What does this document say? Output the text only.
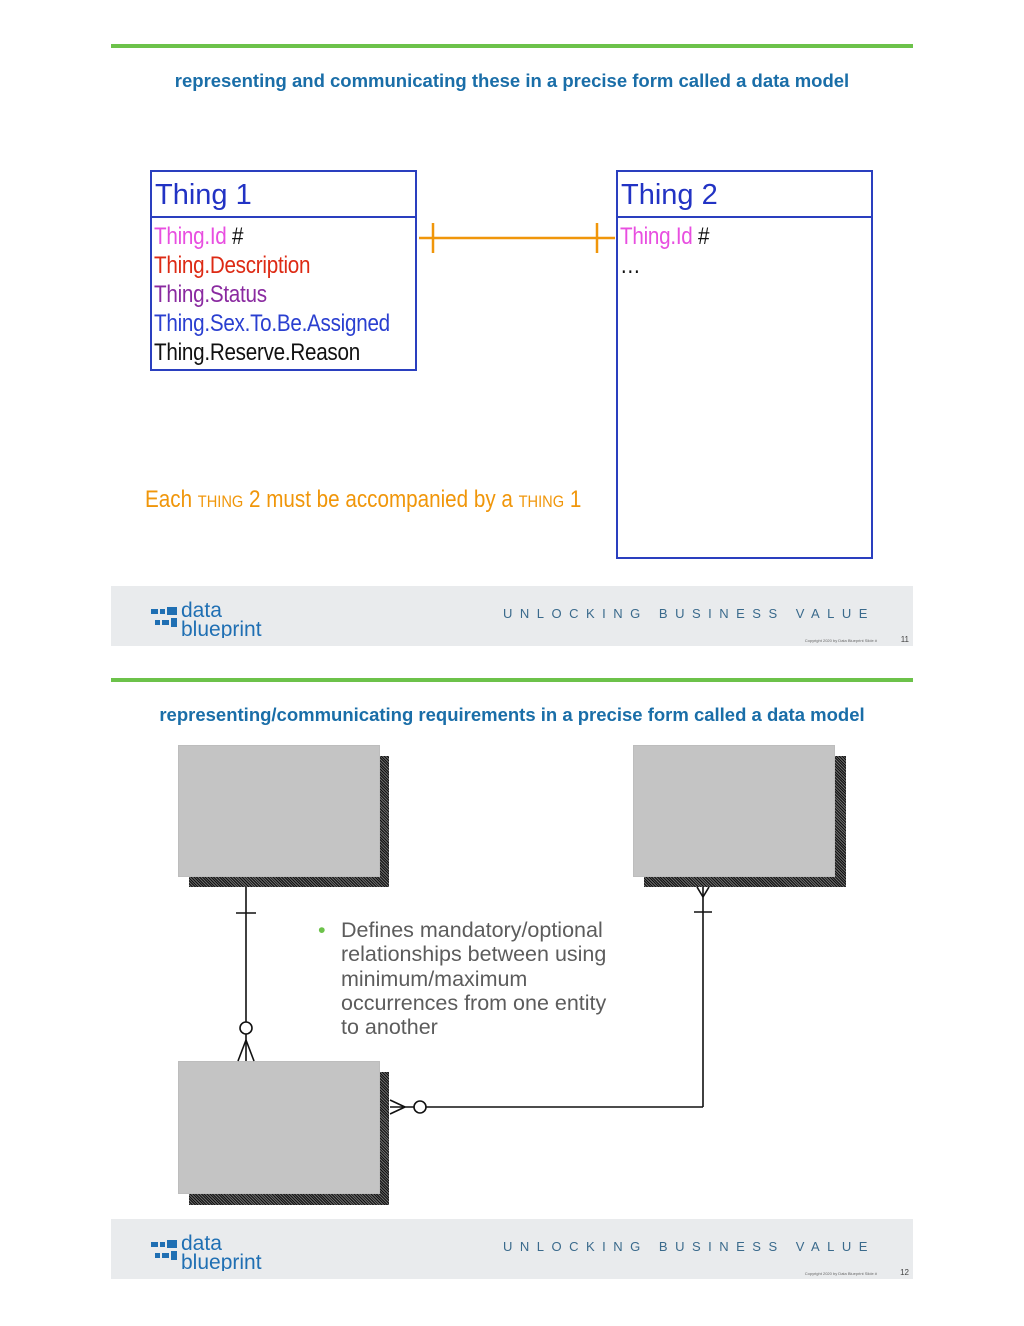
representing and communicating these in a precise form called a data model
Thing 1
Thing.Id #
Thing.Description
Thing.Status
Thing.Sex.To.Be.Assigned
Thing.Reserve.Reason
Thing 2
Thing.Id #
…
Each THING 2 must be accompanied by a THING 1
data
blueprint
UNLOCKING BUSINESS VALUE
Copyright 2020 by Data Blueprint Slide #	11
representing/communicating requirements in a precise form called a data model
• Defines mandatory/optional
relationships between using
minimum/maximum
occurrences from one entity
to another
data
blueprint
UNLOCKING BUSINESS VALUE
Copyright 2020 by Data Blueprint Slide #	12
